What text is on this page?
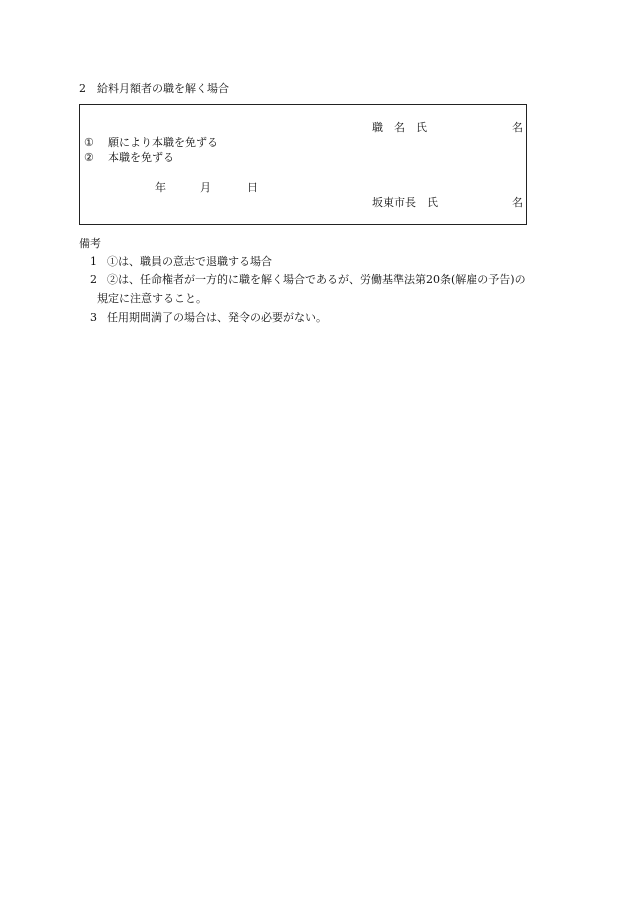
2　給料月額者の職を解く場合
職　名　氏	名
① 願により本職を免ずる
② 本職を免ずる
年	月	日
坂東市長　氏	名
備考
1 ①は、職員の意志で退職する場合
2 ②は、任命権者が一方的に職を解く場合であるが、労働基準法第20条(解雇の予告)の
規定に注意すること。
3 任用期間満了の場合は、発令の必要がない。
